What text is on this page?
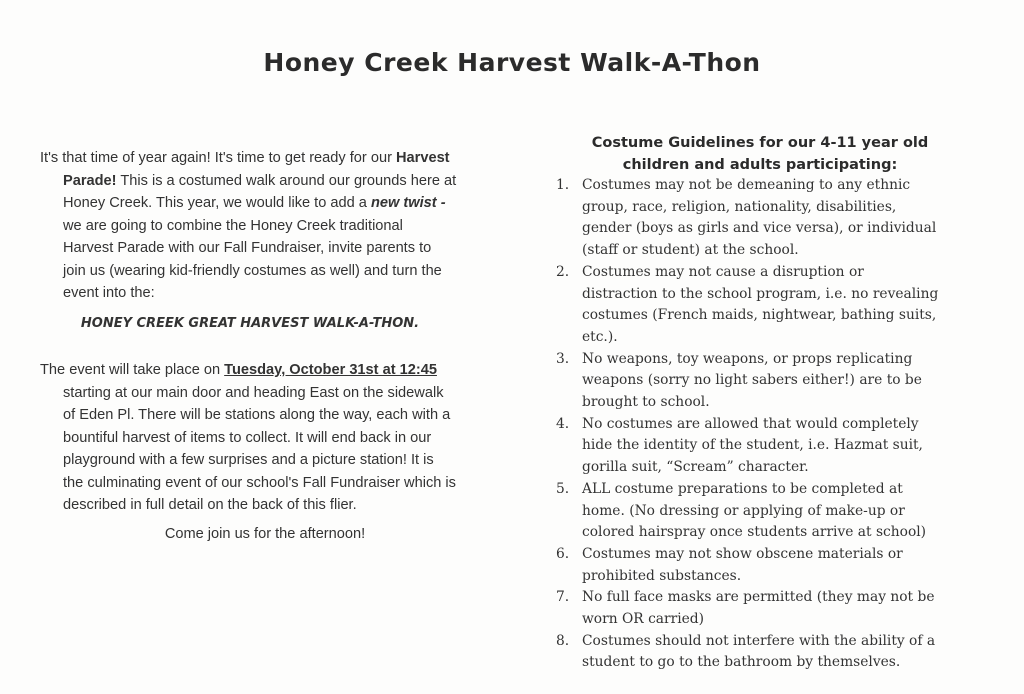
Honey Creek Harvest Walk-A-Thon
It's that time of year again! It's time to get ready for our Harvest
Parade! This is a costumed walk around our grounds here at
Honey Creek. This year, we would like to add a new twist -
we are going to combine the Honey Creek traditional
Harvest Parade with our Fall Fundraiser, invite parents to
join us (wearing kid-friendly costumes as well) and turn the
event into the:
HONEY CREEK GREAT HARVEST WALK-A-THON.
The event will take place on Tuesday, October 31st at 12:45
starting at our main door and heading East on the sidewalk
of Eden Pl. There will be stations along the way, each with a
bountiful harvest of items to collect. It will end back in our
playground with a few surprises and a picture station! It is
the culminating event of our school's Fall Fundraiser which is
described in full detail on the back of this flier.
Come join us for the afternoon!
Costume Guidelines for our 4-11 year old
children and adults participating:
1. Costumes may not be demeaning to any ethnic
group, race, religion, nationality, disabilities,
gender (boys as girls and vice versa), or individual
(staff or student) at the school.
2. Costumes may not cause a disruption or
distraction to the school program, i.e. no revealing
costumes (French maids, nightwear, bathing suits,
etc.).
3. No weapons, toy weapons, or props replicating
weapons (sorry no light sabers either!) are to be
brought to school.
4. No costumes are allowed that would completely
hide the identity of the student, i.e. Hazmat suit,
gorilla suit, “Scream” character.
5. ALL costume preparations to be completed at
home. (No dressing or applying of make-up or
colored hairspray once students arrive at school)
6. Costumes may not show obscene materials or
prohibited substances.
7. No full face masks are permitted (they may not be
worn OR carried)
8. Costumes should not interfere with the ability of a
student to go to the bathroom by themselves.
